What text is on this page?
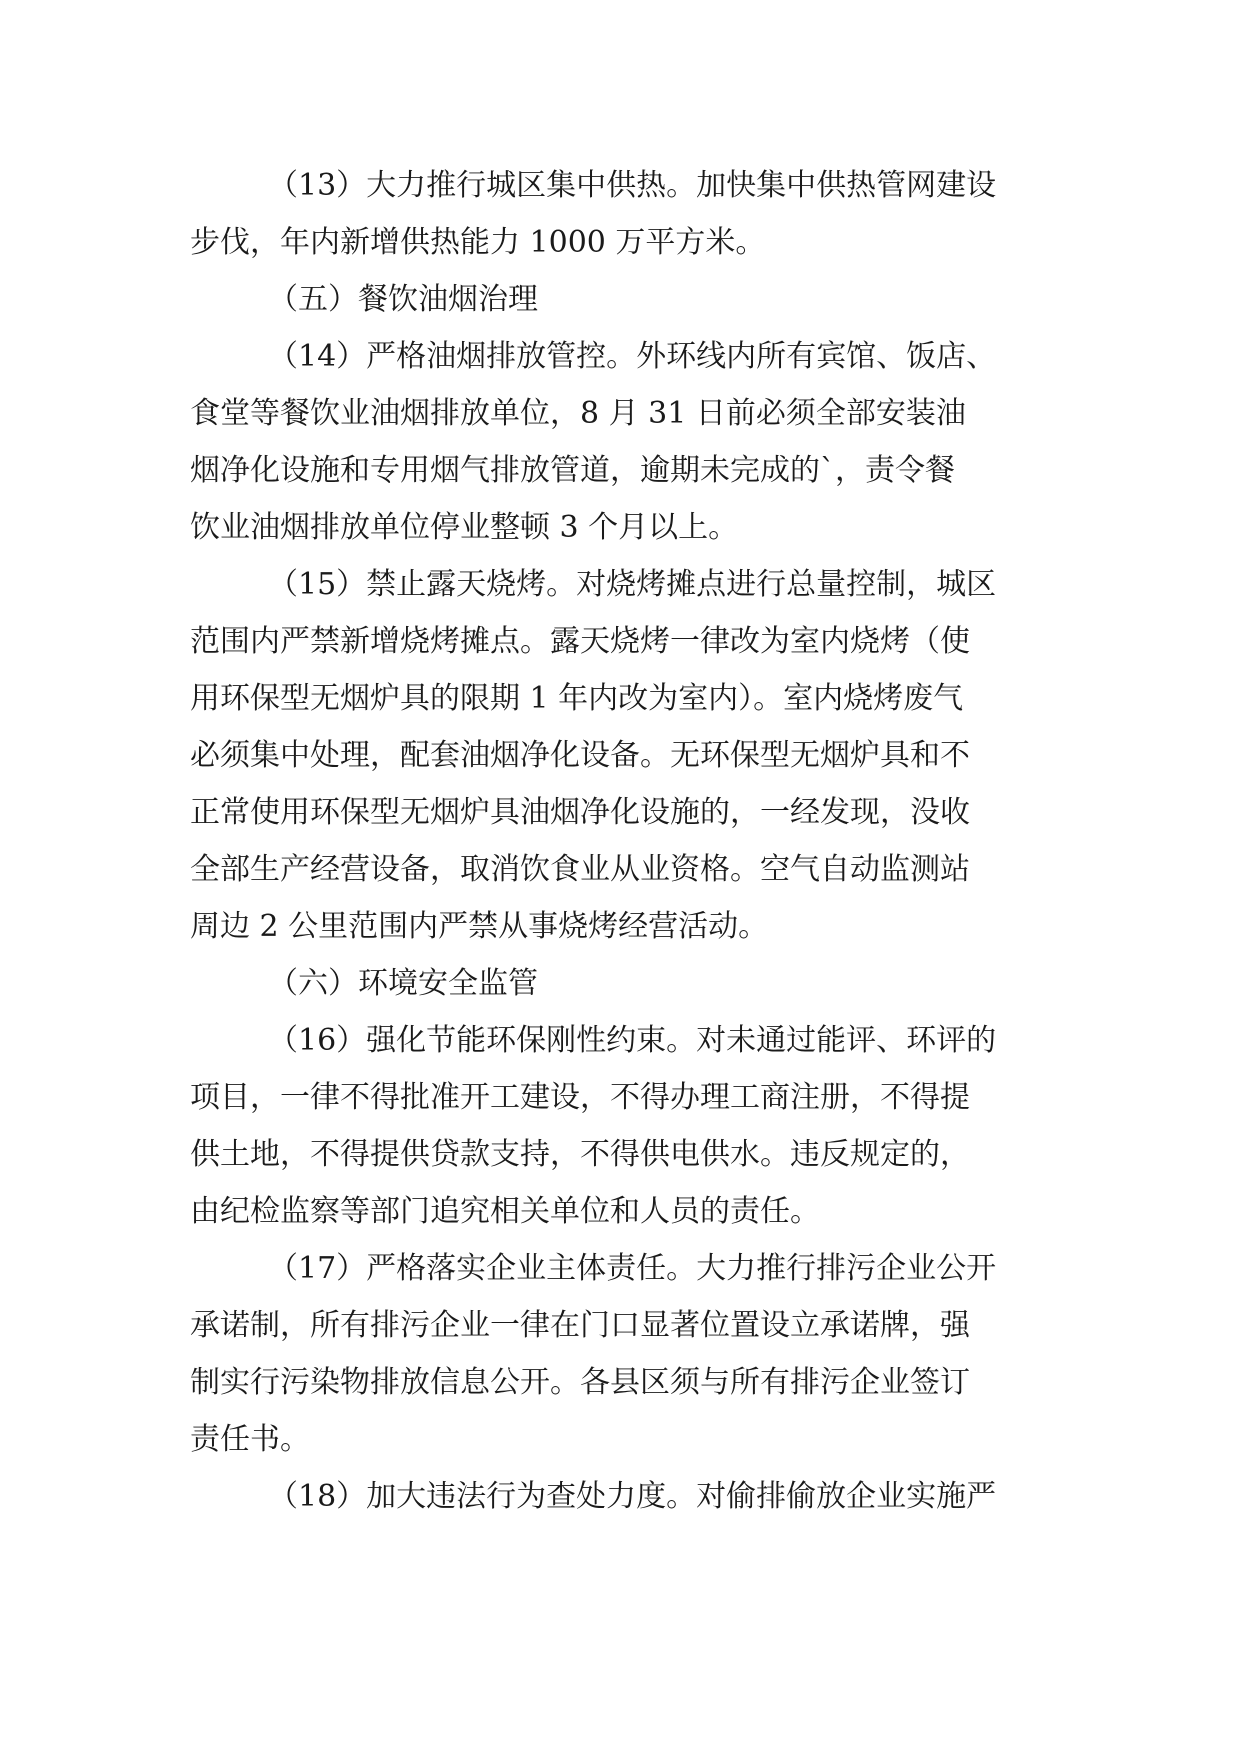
（13）大力推行城区集中供热。加快集中供热管网建设
步伐，年内新增供热能力 1000 万平方米。
（五）餐饮油烟治理
（14）严格油烟排放管控。外环线内所有宾馆、饭店、
食堂等餐饮业油烟排放单位，8 月 31 日前必须全部安装油
烟净化设施和专用烟气排放管道，逾期未完成的`，责令餐
饮业油烟排放单位停业整顿 3 个月以上。
（15）禁止露天烧烤。对烧烤摊点进行总量控制，城区
范围内严禁新增烧烤摊点。露天烧烤一律改为室内烧烤（使
用环保型无烟炉具的限期 1 年内改为室内）。室内烧烤废气
必须集中处理，配套油烟净化设备。无环保型无烟炉具和不
正常使用环保型无烟炉具油烟净化设施的，一经发现，没收
全部生产经营设备，取消饮食业从业资格。空气自动监测站
周边 2 公里范围内严禁从事烧烤经营活动。
（六）环境安全监管
（16）强化节能环保刚性约束。对未通过能评、环评的
项目，一律不得批准开工建设，不得办理工商注册，不得提
供土地，不得提供贷款支持，不得供电供水。违反规定的，
由纪检监察等部门追究相关单位和人员的责任。
（17）严格落实企业主体责任。大力推行排污企业公开
承诺制，所有排污企业一律在门口显著位置设立承诺牌，强
制实行污染物排放信息公开。各县区须与所有排污企业签订
责任书。
（18）加大违法行为查处力度。对偷排偷放企业实施严
